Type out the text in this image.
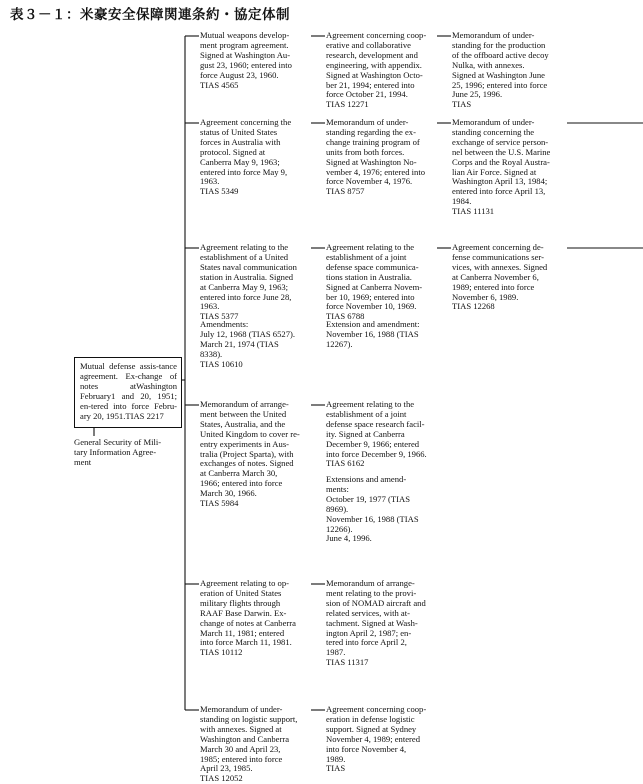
表３－１：米豪安全保障関連条約・協定体制
Mutual defense assis-tance agreement. Ex-change of notes atWashington February1 and 20, 1951; en-tered into force Febru-ary 20, 1951.TIAS 2217
General Security of Mili-
tary Information Agree-
ment
Mutual weapons develop-
ment program agreement.
Signed at Washington Au-
gust 23, 1960; entered into
force August 23, 1960.
TIAS 4565
Agreement concerning the
status of United States
forces in Australia with
protocol. Signed at
Canberra May 9, 1963;
entered into force May 9,
1963.
TIAS 5349
Agreement relating to the
establishment of a United
States naval communication
station in Australia. Signed
at Canberra May 9, 1963;
entered into force June 28,
1963.
TIAS 5377
Amendments:
July 12, 1968 (TIAS 6527).
March 21, 1974 (TIAS
8338).
TIAS 10610
Memorandum of arrange-
ment between the United
States, Australia, and the
United Kingdom to cover re-
entry experiments in Aus-
tralia (Project Sparta), with
exchanges of notes. Signed
at Canberra March 30,
1966; entered into force
March 30, 1966.
TIAS 5984
Agreement relating to op-
eration of United States
military flights through
RAAF Base Darwin. Ex-
change of notes at Canberra
March 11, 1981; entered
into force March 11, 1981.
TIAS 10112
Memorandum of under-
standing on logistic support,
with annexes. Signed at
Washington and Canberra
March 30 and April 23,
1985; entered into force
April 23, 1985.
TIAS 12052
Agreement concerning coop-
erative and collaborative
research, development and
engineering, with appendix.
Signed at Washington Octo-
ber 21, 1994; entered into
force October 21, 1994.
TIAS 12271
Memorandum of under-
standing regarding the ex-
change training program of
units from both forces.
Signed at Washington No-
vember 4, 1976; entered into
force November 4, 1976.
TIAS 8757
Agreement relating to the
establishment of a joint
defense space communica-
tions station in Australia.
Signed at Canberra Novem-
ber 10, 1969; entered into
force November 10, 1969.
TIAS 6788
Extension and amendment:
November 16, 1988 (TIAS
12267).
Agreement relating to the
establishment of a joint
defense space research facil-
ity. Signed at Canberra
December 9, 1966; entered
into force December 9, 1966.
TIAS 6162
Extensions and amend-
ments:
October 19, 1977 (TIAS
8969).
November 16, 1988 (TIAS
12266).
June 4, 1996.
Memorandum of arrange-
ment relating to the provi-
sion of NOMAD aircraft and
related services, with at-
tachment. Signed at Wash-
ington April 2, 1987; en-
tered into force April 2,
1987.
TIAS 11317
Agreement concerning coop-
eration in defense logistic
support. Signed at Sydney
November 4, 1989; entered
into force November 4,
1989.
TIAS
Memorandum of under-
standing for the production
of the offboard active decoy
Nulka, with annexes.
Signed at Washington June
25, 1996; entered into force
June 25, 1996.
TIAS
Memorandum of under-
standing concerning the
exchange of service person-
nel between the U.S. Marine
Corps and the Royal Austra-
lian Air Force. Signed at
Washington April 13, 1984;
entered into force April 13,
1984.
TIAS 11131
Agreement concerning de-
fense communications ser-
vices, with annexes. Signed
at Canberra November 6,
1989; entered into force
November 6, 1989.
TIAS 12268
